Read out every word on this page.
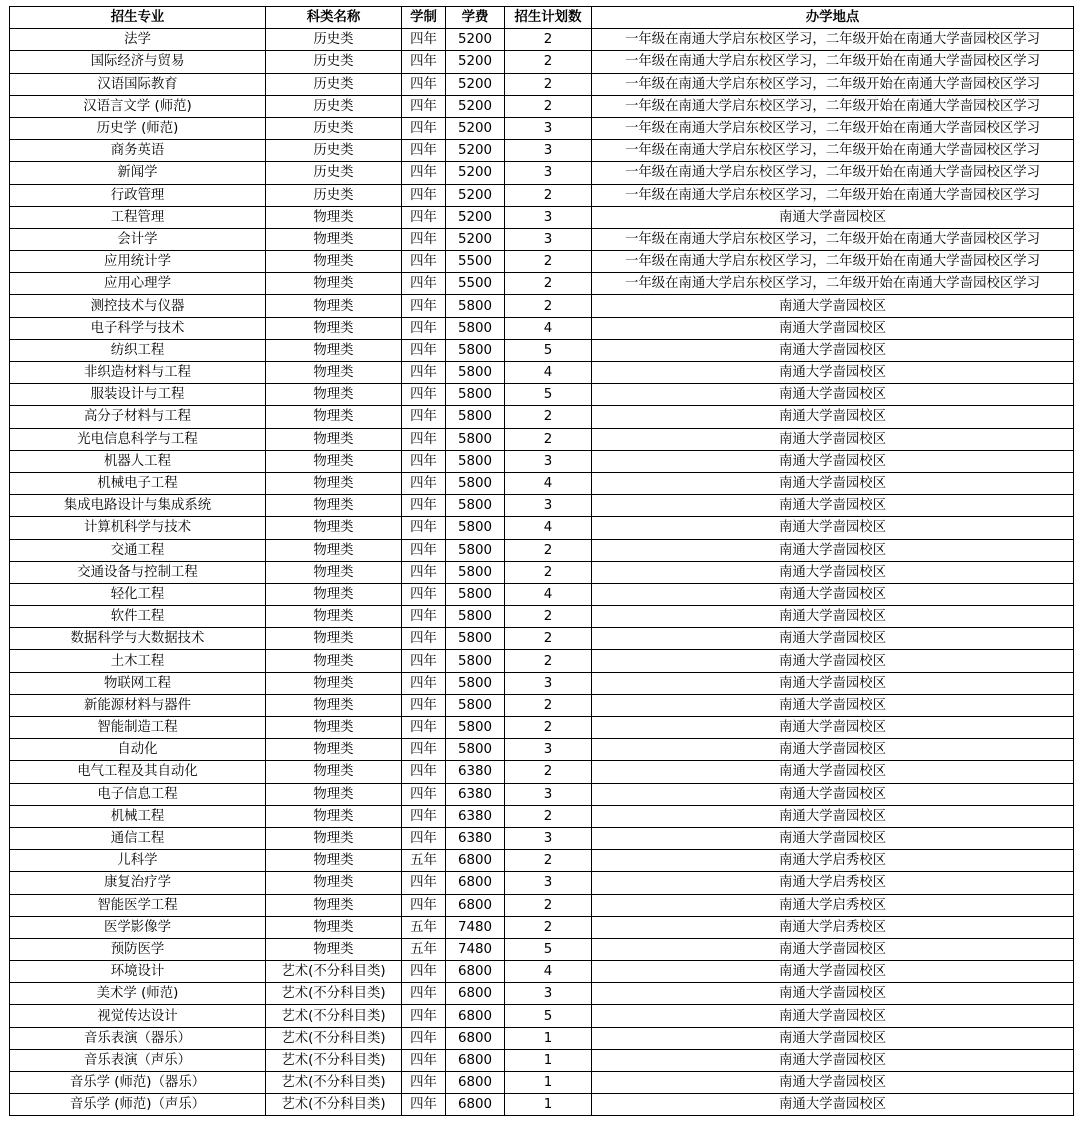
招生专业	科类名称	学制	学费	招生计划数	办学地点
法学	历史类	四年	5200	2	一年级在南通大学启东校区学习，二年级开始在南通大学啬园校区学习
国际经济与贸易	历史类	四年	5200	2	一年级在南通大学启东校区学习，二年级开始在南通大学啬园校区学习
汉语国际教育	历史类	四年	5200	2	一年级在南通大学启东校区学习，二年级开始在南通大学啬园校区学习
汉语言文学 (师范)	历史类	四年	5200	2	一年级在南通大学启东校区学习，二年级开始在南通大学啬园校区学习
历史学 (师范)	历史类	四年	5200	3	一年级在南通大学启东校区学习，二年级开始在南通大学啬园校区学习
商务英语	历史类	四年	5200	3	一年级在南通大学启东校区学习，二年级开始在南通大学啬园校区学习
新闻学	历史类	四年	5200	3	一年级在南通大学启东校区学习，二年级开始在南通大学啬园校区学习
行政管理	历史类	四年	5200	2	一年级在南通大学启东校区学习，二年级开始在南通大学啬园校区学习
工程管理	物理类	四年	5200	3	南通大学啬园校区
会计学	物理类	四年	5200	3	一年级在南通大学启东校区学习，二年级开始在南通大学啬园校区学习
应用统计学	物理类	四年	5500	2	一年级在南通大学启东校区学习，二年级开始在南通大学啬园校区学习
应用心理学	物理类	四年	5500	2	一年级在南通大学启东校区学习，二年级开始在南通大学啬园校区学习
测控技术与仪器	物理类	四年	5800	2	南通大学啬园校区
电子科学与技术	物理类	四年	5800	4	南通大学啬园校区
纺织工程	物理类	四年	5800	5	南通大学啬园校区
非织造材料与工程	物理类	四年	5800	4	南通大学啬园校区
服装设计与工程	物理类	四年	5800	5	南通大学啬园校区
高分子材料与工程	物理类	四年	5800	2	南通大学啬园校区
光电信息科学与工程	物理类	四年	5800	2	南通大学啬园校区
机器人工程	物理类	四年	5800	3	南通大学啬园校区
机械电子工程	物理类	四年	5800	4	南通大学啬园校区
集成电路设计与集成系统	物理类	四年	5800	3	南通大学啬园校区
计算机科学与技术	物理类	四年	5800	4	南通大学啬园校区
交通工程	物理类	四年	5800	2	南通大学啬园校区
交通设备与控制工程	物理类	四年	5800	2	南通大学啬园校区
轻化工程	物理类	四年	5800	4	南通大学啬园校区
软件工程	物理类	四年	5800	2	南通大学啬园校区
数据科学与大数据技术	物理类	四年	5800	2	南通大学啬园校区
土木工程	物理类	四年	5800	2	南通大学啬园校区
物联网工程	物理类	四年	5800	3	南通大学啬园校区
新能源材料与器件	物理类	四年	5800	2	南通大学啬园校区
智能制造工程	物理类	四年	5800	2	南通大学啬园校区
自动化	物理类	四年	5800	3	南通大学啬园校区
电气工程及其自动化	物理类	四年	6380	2	南通大学啬园校区
电子信息工程	物理类	四年	6380	3	南通大学啬园校区
机械工程	物理类	四年	6380	2	南通大学啬园校区
通信工程	物理类	四年	6380	3	南通大学啬园校区
儿科学	物理类	五年	6800	2	南通大学启秀校区
康复治疗学	物理类	四年	6800	3	南通大学启秀校区
智能医学工程	物理类	四年	6800	2	南通大学启秀校区
医学影像学	物理类	五年	7480	2	南通大学启秀校区
预防医学	物理类	五年	7480	5	南通大学啬园校区
环境设计	艺术(不分科目类)	四年	6800	4	南通大学啬园校区
美术学 (师范)	艺术(不分科目类)	四年	6800	3	南通大学啬园校区
视觉传达设计	艺术(不分科目类)	四年	6800	5	南通大学啬园校区
音乐表演（器乐）	艺术(不分科目类)	四年	6800	1	南通大学啬园校区
音乐表演（声乐）	艺术(不分科目类)	四年	6800	1	南通大学啬园校区
音乐学 (师范)（器乐）	艺术(不分科目类)	四年	6800	1	南通大学啬园校区
音乐学 (师范)（声乐）	艺术(不分科目类)	四年	6800	1	南通大学啬园校区
